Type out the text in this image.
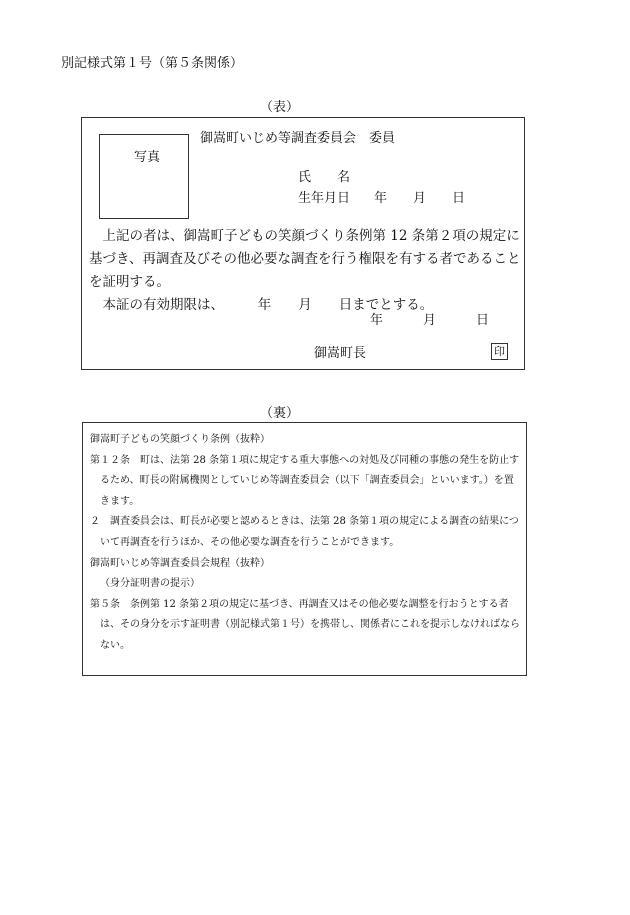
別記様式第１号（第５条関係）
（表）
写真
御嵩町いじめ等調査委員会　委員
氏　　名
生年月日 年 月 日

上記の者は、御嵩町子どもの笑顔づくり条例第 12 条第２項の規定に基づき、再調査及びその他必要な調査を行う権限を有する者であることを証明する。

本証の有効期限は、　　　年　　月　　日までとする。

年	月	日
御嵩町長	印
（裏）

御嵩町子どもの笑顔づくり条例（抜粋）

第１２条　町は、法第 28 条第１項に規定する重大事態への対処及び同種の事態の発生を防止するため、町長の附属機関としていじめ等調査委員会（以下「調査委員会」といいます。）を置きます。

２　調査委員会は、町長が必要と認めるときは、法第 28 条第１項の規定による調査の結果について再調査を行うほか、その他必要な調査を行うことができます。

御嵩町いじめ等調査委員会規程（抜粋）

（身分証明書の提示）

第５条　条例第 12 条第２項の規定に基づき、再調査又はその他必要な調整を行おうとする者は、その身分を示す証明書（別記様式第１号）を携帯し、関係者にこれを提示しなければならない。
